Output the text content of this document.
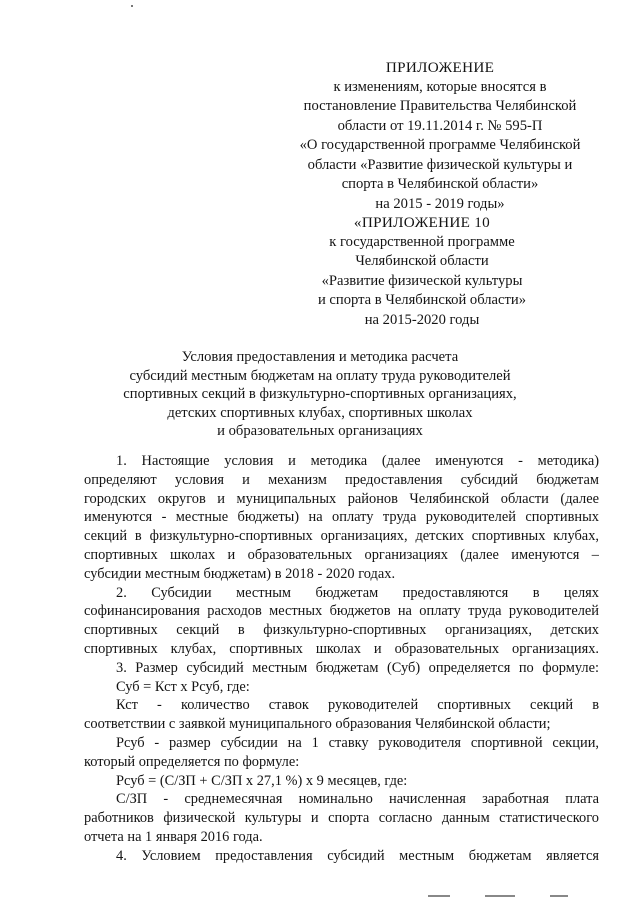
ПРИЛОЖЕНИЕ
к изменениям, которые вносятся в
постановление Правительства Челябинской
области от 19.11.2014 г. № 595-П
«О государственной программе Челябинской
области «Развитие физической культуры и
спорта в Челябинской области»
на 2015 - 2019 годы»
«ПРИЛОЖЕНИЕ 10
к государственной программе
Челябинской области
«Развитие физической культуры
и спорта в Челябинской области»
на 2015-2020 годы
Условия предоставления и методика расчета
субсидий местным бюджетам на оплату труда руководителей
спортивных секций в физкультурно-спортивных организациях,
детских спортивных клубах, спортивных школах
и образовательных организациях
1. Настоящие условия и методика (далее именуются - методика)
определяют условия и механизм предоставления субсидий бюджетам
городских округов и муниципальных районов Челябинской области (далее
именуются - местные бюджеты) на оплату труда руководителей спортивных
секций в физкультурно-спортивных организациях, детских спортивных клубах,
спортивных школах и образовательных организациях (далее именуются –
субсидии местным бюджетам) в 2018 - 2020 годах.
2. Субсидии местным бюджетам предоставляются в целях
софинансирования расходов местных бюджетов на оплату труда руководителей
спортивных секций в физкультурно-спортивных организациях, детских
спортивных клубах, спортивных школах и образовательных организациях.
3. Размер субсидий местным бюджетам (Суб) определяется по формуле:
Суб = Кст х Рсуб, где:
Кст - количество ставок руководителей спортивных секций в
соответствии с заявкой муниципального образования Челябинской области;
Рсуб - размер субсидии на 1 ставку руководителя спортивной секции,
который определяется по формуле:
Рсуб = (С/ЗП + С/ЗП х 27,1 %) х 9 месяцев, где:
С/ЗП - среднемесячная номинально начисленная заработная плата
работников физической культуры и спорта согласно данным статистического
отчета на 1 января 2016 года.
4. Условием предоставления субсидий местным бюджетам является
